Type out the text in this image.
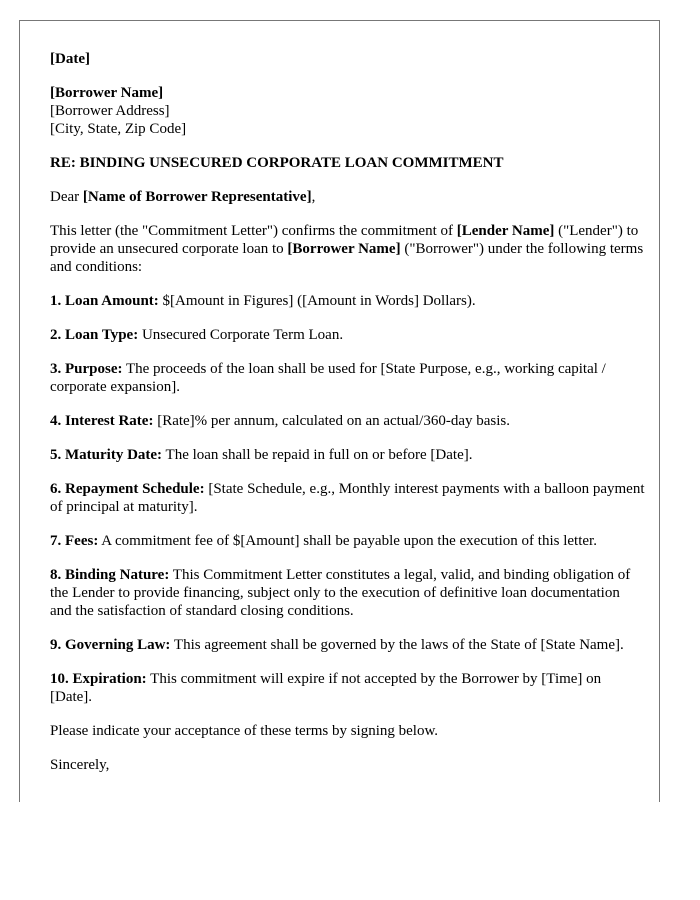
[Date]
[Borrower Name]
[Borrower Address]
[City, State, Zip Code]
RE: BINDING UNSECURED CORPORATE LOAN COMMITMENT
Dear [Name of Borrower Representative],
This letter (the "Commitment Letter") confirms the commitment of [Lender Name] ("Lender") to provide an unsecured corporate loan to [Borrower Name] ("Borrower") under the following terms and conditions:
1. Loan Amount: $[Amount in Figures] ([Amount in Words] Dollars).
2. Loan Type: Unsecured Corporate Term Loan.
3. Purpose: The proceeds of the loan shall be used for [State Purpose, e.g., working capital / corporate expansion].
4. Interest Rate: [Rate]% per annum, calculated on an actual/360-day basis.
5. Maturity Date: The loan shall be repaid in full on or before [Date].
6. Repayment Schedule: [State Schedule, e.g., Monthly interest payments with a balloon payment of principal at maturity].
7. Fees: A commitment fee of $[Amount] shall be payable upon the execution of this letter.
8. Binding Nature: This Commitment Letter constitutes a legal, valid, and binding obligation of the Lender to provide financing, subject only to the execution of definitive loan documentation and the satisfaction of standard closing conditions.
9. Governing Law: This agreement shall be governed by the laws of the State of [State Name].
10. Expiration: This commitment will expire if not accepted by the Borrower by [Time] on [Date].
Please indicate your acceptance of these terms by signing below.
Sincerely,
